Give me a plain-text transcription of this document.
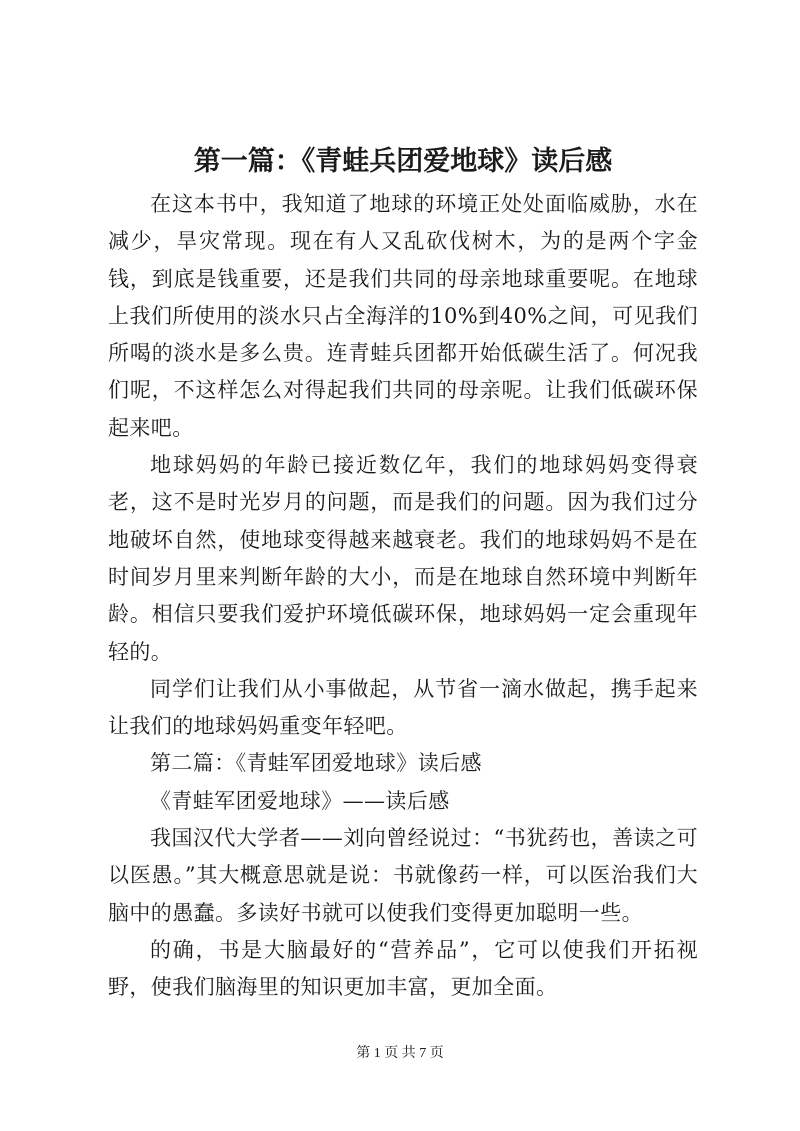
第一篇：《青蛙兵团爱地球》读后感

在这本书中，我知道了地球的环境正处处面临威胁，水在减少，旱灾常现。现在有人又乱砍伐树木，为的是两个字金钱，到底是钱重要，还是我们共同的母亲地球重要呢。在地球上我们所使用的淡水只占全海洋的10%到40%之间，可见我们所喝的淡水是多么贵。连青蛙兵团都开始低碳生活了。何况我们呢，不这样怎么对得起我们共同的母亲呢。让我们低碳环保起来吧。

地球妈妈的年龄已接近数亿年，我们的地球妈妈变得衰老，这不是时光岁月的问题，而是我们的问题。因为我们过分地破坏自然，使地球变得越来越衰老。我们的地球妈妈不是在时间岁月里来判断年龄的大小，而是在地球自然环境中判断年龄。相信只要我们爱护环境低碳环保，地球妈妈一定会重现年轻的。

同学们让我们从小事做起，从节省一滴水做起，携手起来让我们的地球妈妈重变年轻吧。

第二篇：《青蛙军团爱地球》读后感

《青蛙军团爱地球》——读后感

我国汉代大学者——刘向曾经说过：“书犹药也，善读之可以医愚。”其大概意思就是说：书就像药一样，可以医治我们大脑中的愚蠢。多读好书就可以使我们变得更加聪明一些。

的确，书是大脑最好的“营养品”，它可以使我们开拓视野，使我们脑海里的知识更加丰富，更加全面。

第 1 页 共 7 页
